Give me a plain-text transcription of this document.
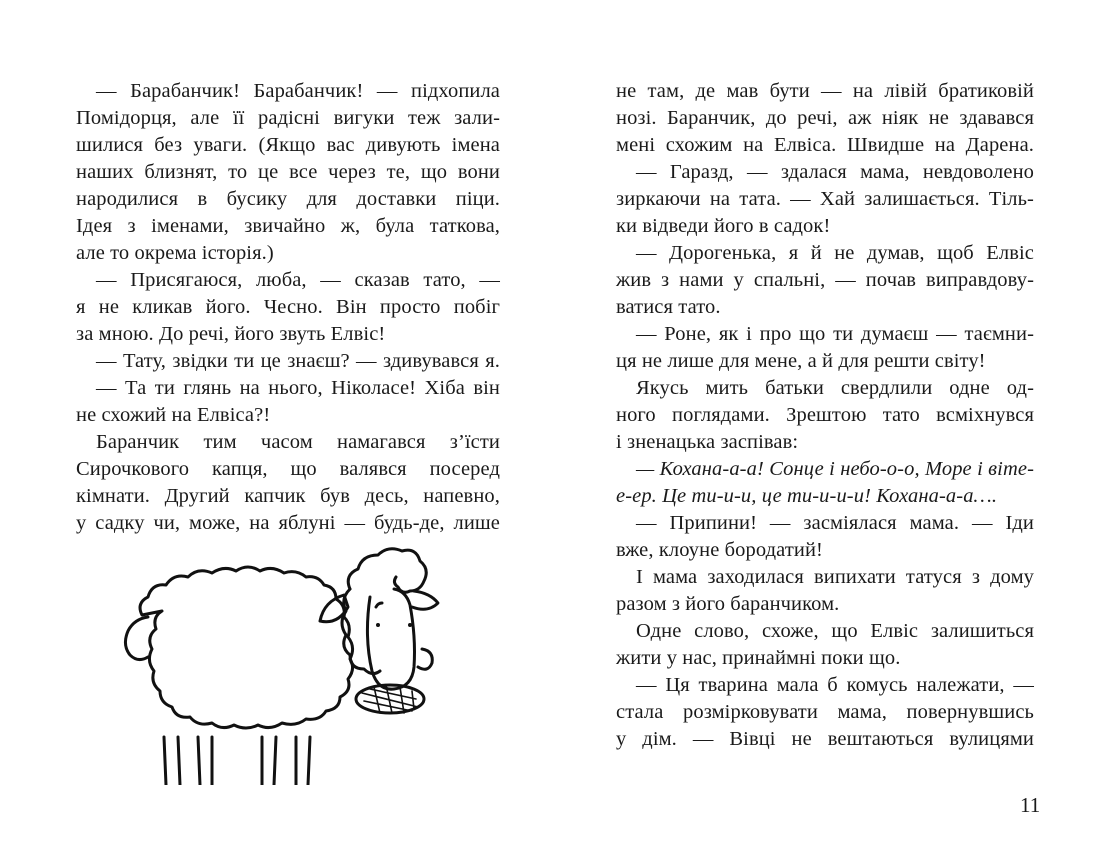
— Барабанчик! Барабанчик! — підхопила
Помідорця, але її радісні вигуки теж зали-
шилися без уваги. (Якщо вас дивують імена
наших близнят, то це все через те, що вони
народилися в бусику для доставки піци.
Ідея з іменами, звичайно ж, була таткова,
але то окрема історія.)
— Присягаюся, люба, — сказав тато, —
я не кликав його. Чесно. Він просто побіг
за мною. До речі, його звуть Елвіс!
— Тату, звідки ти це знаєш? — здивувався я.
— Та ти глянь на нього, Ніколасе! Хіба він
не схожий на Елвіса?!
Баранчик тим часом намагався з’їсти
Сирочкового капця, що валявся посеред
кімнати. Другий капчик був десь, напевно,
у садку чи, може, на яблуні — будь-де, лише
не там, де мав бути — на лівій братиковій
нозі. Баранчик, до речі, аж ніяк не здавався
мені схожим на Елвіса. Швидше на Дарена.
— Гаразд, — здалася мама, невдоволено
зиркаючи на тата. — Хай залишається. Тіль-
ки відведи його в садок!
— Дорогенька, я й не думав, щоб Елвіс
жив з нами у спальні, — почав виправдову-
ватися тато.
— Роне, як і про що ти думаєш — таємни-
ця не лише для мене, а й для решти світу!
Якусь мить батьки свердлили одне од-
ного поглядами. Зрештою тато всміхнувся
і зненацька заспівав:
— Кохана-а-а! Сонце і небо-о-о, Море і віте-
е-ер. Це ти-и-и, це ти-и-и-и! Кохана-а-а….
— Припини! — засміялася мама. — Іди
вже, клоуне бородатий!
І мама заходилася випихати татуся з дому
разом з його баранчиком.
Одне слово, схоже, що Елвіс залишиться
жити у нас, принаймні поки що.
— Ця тварина мала б комусь належати, —
стала розмірковувати мама, повернувшись
у дім. — Вівці не вештаються вулицями
11
